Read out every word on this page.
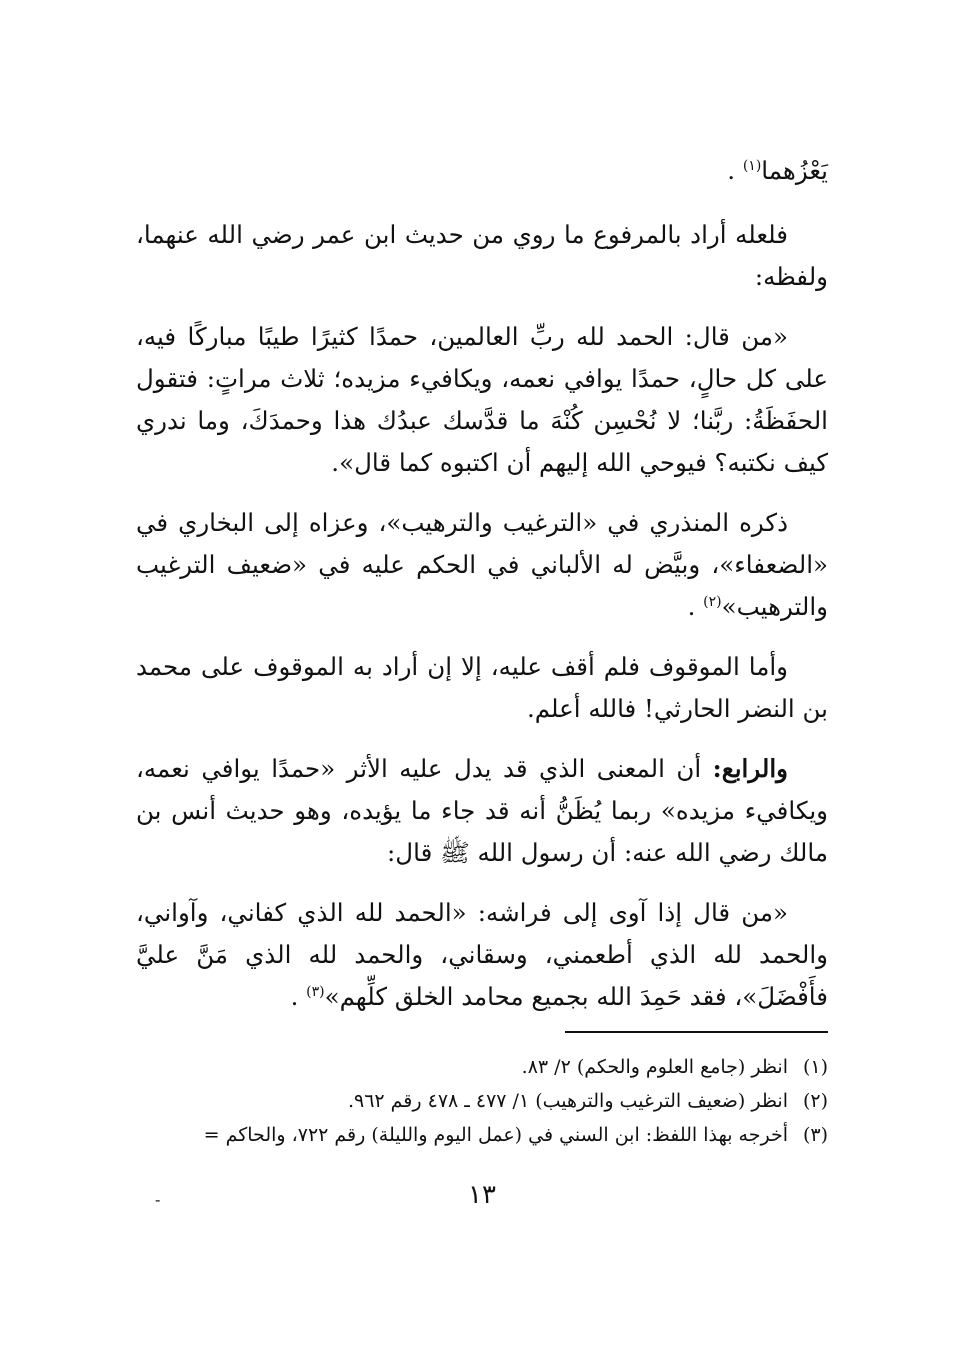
يَعْزُهما$^{(١)}$ .

فلعله أراد بالمرفوع ما روي من حديث ابن عمر رضي الله عنهما، ولفظه:

«من قال: الحمد لله ربِّ العالمين، حمدًا كثيرًا طيبًا مباركًا فيه، على كل حالٍ، حمدًا يوافي نعمه، ويكافيء مزيده؛ ثلاث مراتٍ: فتقول الحفَظَةُ: ربَّنا؛ لا نُحْسِن كُنْهَ ما قدَّسك عبدُك هذا وحمدَكَ، وما ندري كيف نكتبه؟ فيوحي الله إليهم أن اكتبوه كما قال».

ذكره المنذري في «الترغيب والترهيب»، وعزاه إلى البخاري في «الضعفاء»، وبيَّض له الألباني في الحكم عليه في «ضعيف الترغيب والترهيب»$^{(٢)}$ .

وأما الموقوف فلم أقف عليه، إلا إن أراد به الموقوف على محمد بن النضر الحارثي! فالله أعلم.

والرابع: أن المعنى الذي قد يدل عليه الأثر «حمدًا يوافي نعمه، ويكافيء مزيده» ربما يُظَنُّ أنه قد جاء ما يؤيده، وهو حديث أنس بن مالك رضي الله عنه: أن رسول الله ﷺ قال:

«من قال إذا آوى إلى فراشه: «الحمد لله الذي كفاني، وآواني، والحمد لله الذي أطعمني، وسقاني، والحمد لله الذي مَنَّ عليَّ فأَفْضَلَ»، فقد حَمِدَ الله بجميع محامد الخلق كلِّهم»$^{(٣)}$ .

(١)
انظر (جامع العلوم والحكم) ٢/ ٨٣.
(٢)
انظر (ضعيف الترغيب والترهيب) ١/ ٤٧٧ ـ ٤٧٨ رقم ٩٦٢.
(٣)
أخرجه بهذا اللفظ: ابن السني في (عمل اليوم والليلة) رقم ٧٢٢، والحاكم =
١٣
-
